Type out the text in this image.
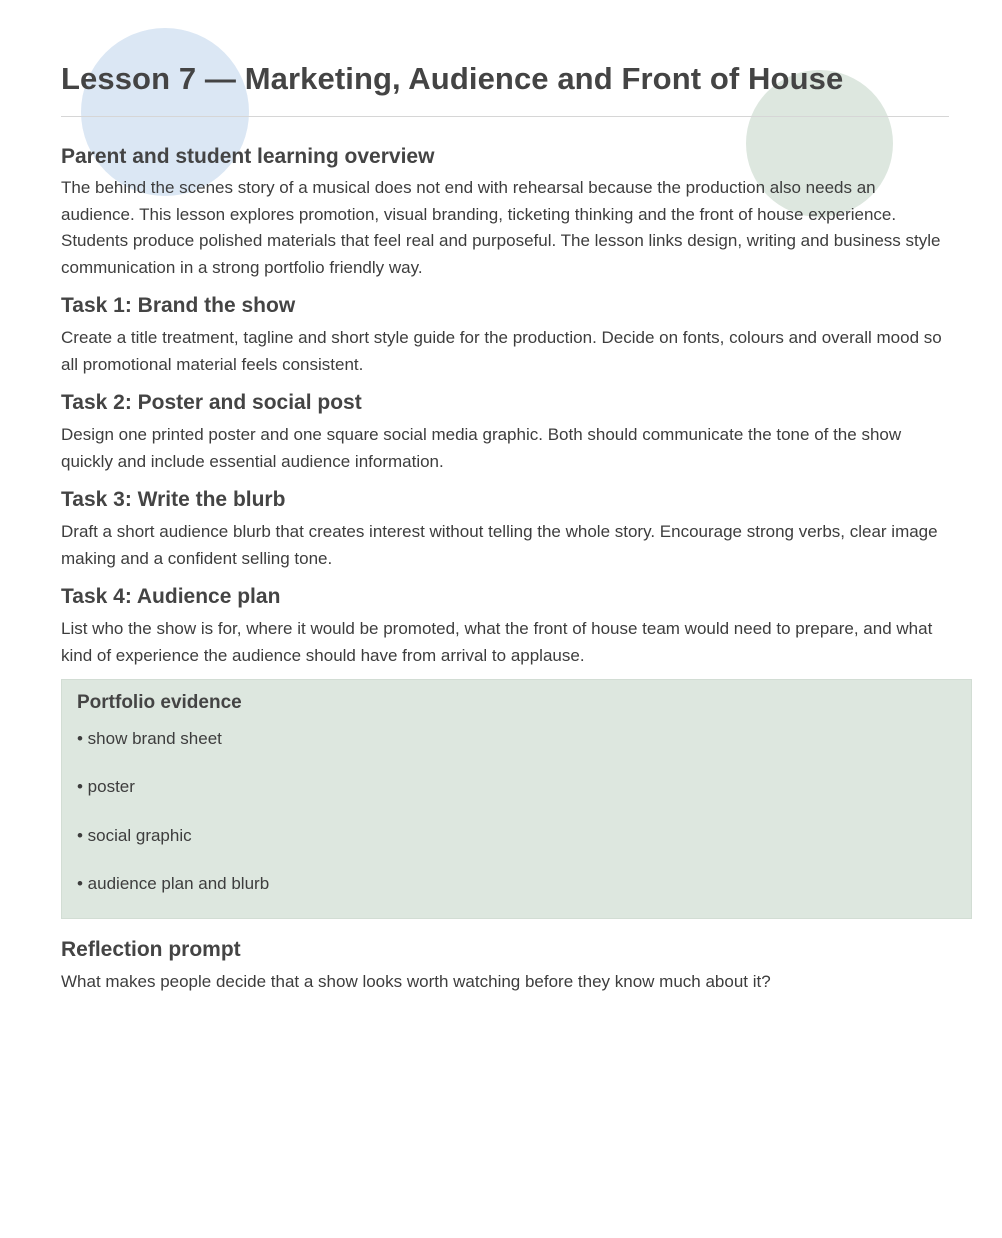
Lesson 7 — Marketing, Audience and Front of House
Parent and student learning overview

The behind the scenes story of a musical does not end with rehearsal because the production also needs an audience. This lesson explores promotion, visual branding, ticketing thinking and the front of house experience. Students produce polished materials that feel real and purposeful. The lesson links design, writing and business style communication in a strong portfolio friendly way.

Task 1: Brand the show

Create a title treatment, tagline and short style guide for the production. Decide on fonts, colours and overall mood so all promotional material feels consistent.

Task 2: Poster and social post

Design one printed poster and one square social media graphic. Both should communicate the tone of the show quickly and include essential audience information.

Task 3: Write the blurb

Draft a short audience blurb that creates interest without telling the whole story. Encourage strong verbs, clear image making and a confident selling tone.

Task 4: Audience plan

List who the show is for, where it would be promoted, what the front of house team would need to prepare, and what kind of experience the audience should have from arrival to applause.

Portfolio evidence
• show brand sheet
• poster
• social graphic
• audience plan and blurb
Reflection prompt

What makes people decide that a show looks worth watching before they know much about it?
